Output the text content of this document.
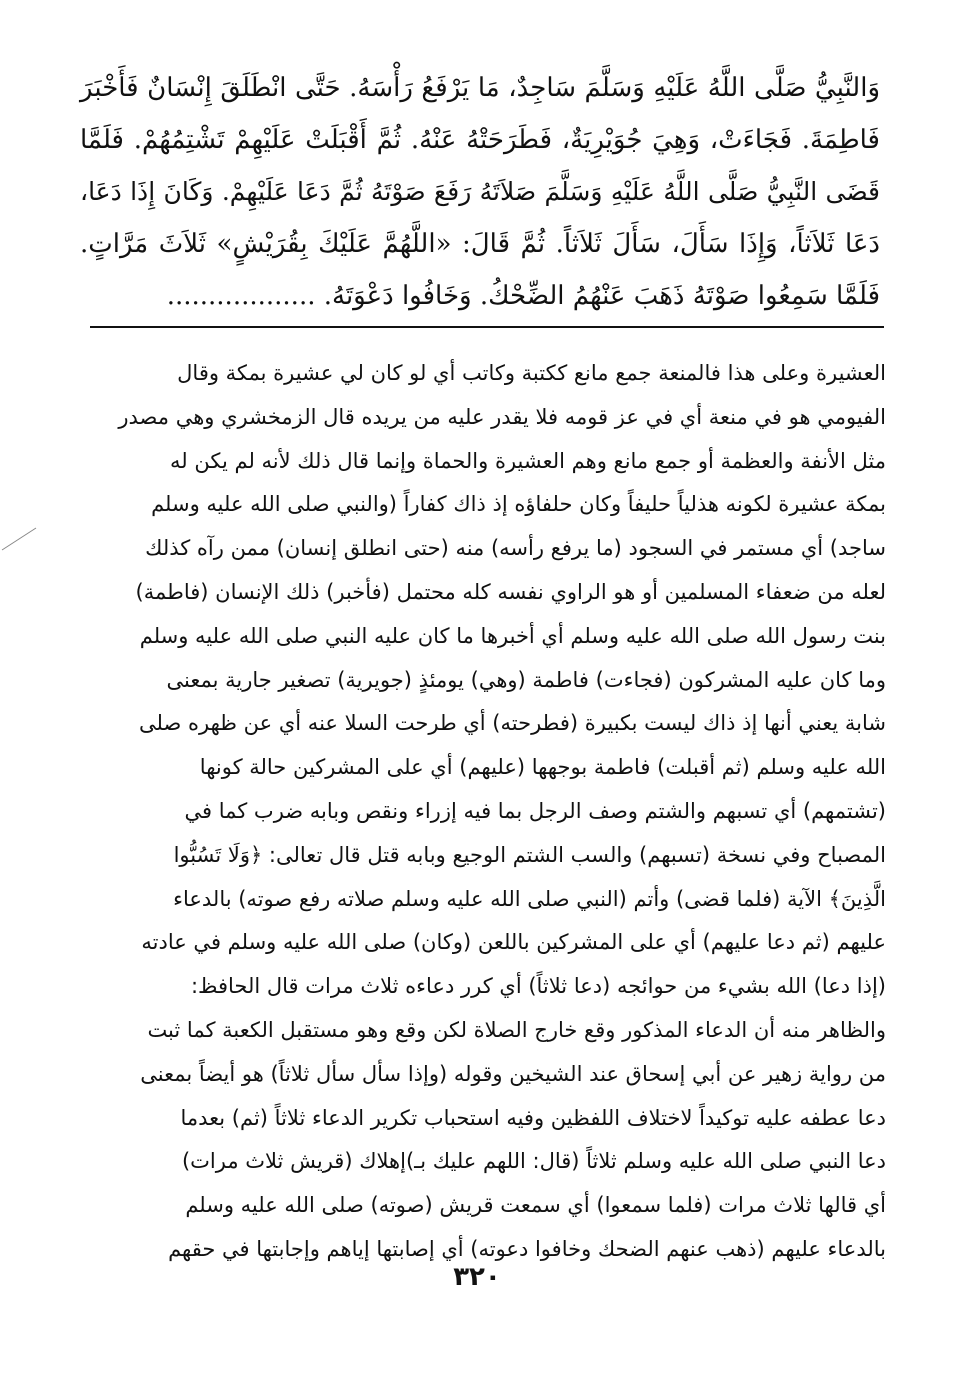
وَالنَّبِيُّ صَلَّى اللَّهُ عَلَيْهِ وَسَلَّمَ سَاجِدٌ، مَا يَرْفَعُ رَأْسَهُ. حَتَّى انْطَلَقَ إِنْسَانٌ فَأَخْبَرَ
فَاطِمَةَ. فَجَاءَتْ، وَهِيَ جُوَيْرِيَةٌ، فَطَرَحَتْهُ عَنْهُ. ثُمَّ أَقْبَلَتْ عَلَيْهِمْ تَشْتِمُهُمْ. فَلَمَّا
قَضَى النَّبِيُّ صَلَّى اللَّهُ عَلَيْهِ وَسَلَّمَ صَلاَتَهُ رَفَعَ صَوْتَهُ ثُمَّ دَعَا عَلَيْهِمْ. وَكَانَ إِذَا دَعَا،
دَعَا ثَلاَثاً، وَإِذَا سَأَلَ، سَأَلَ ثَلاَثاً. ثُمَّ قَالَ: «اللَّهُمَّ عَلَيْكَ بِقُرَيْشٍ» ثَلاَثَ مَرَّاتٍ.
فَلَمَّا سَمِعُوا صَوْتَهُ ذَهَبَ عَنْهُمُ الضِّحْكُ. وَخَافُوا دَعْوَتَهُ. ..................
العشيرة وعلى هذا فالمنعة جمع مانع ككتبة وكاتب أي لو كان لي عشيرة بمكة وقال
الفيومي هو في منعة أي في عز قومه فلا يقدر عليه من يريده قال الزمخشري وهي مصدر
مثل الأنفة والعظمة أو جمع مانع وهم العشيرة والحماة وإنما قال ذلك لأنه لم يكن له
بمكة عشيرة لكونه هذلياً حليفاً وكان حلفاؤه إذ ذاك كفاراً (والنبي صلى الله عليه وسلم
ساجد) أي مستمر في السجود (ما يرفع رأسه) منه (حتى انطلق إنسان) ممن رآه كذلك
لعله من ضعفاء المسلمين أو هو الراوي نفسه كله محتمل (فأخبر) ذلك الإنسان (فاطمة)
بنت رسول الله صلى الله عليه وسلم أي أخبرها ما كان عليه النبي صلى الله عليه وسلم
وما كان عليه المشركون (فجاءت) فاطمة (وهي) يومئذٍ (جويرية) تصغير جارية بمعنى
شابة يعني أنها إذ ذاك ليست بكبيرة (فطرحته) أي طرحت السلا عنه أي عن ظهره صلى
الله عليه وسلم (ثم أقبلت) فاطمة بوجهها (عليهم) أي على المشركين حالة كونها
(تشتمهم) أي تسبهم والشتم وصف الرجل بما فيه إزراء ونقص وبابه ضرب كما في
المصباح وفي نسخة (تسبهم) والسب الشتم الوجيع وبابه قتل قال تعالى: ﴿وَلَا تَسُبُّوا
الَّذِينَ﴾ الآية (فلما قضى) وأتم (النبي صلى الله عليه وسلم صلاته رفع صوته) بالدعاء
عليهم (ثم دعا عليهم) أي على المشركين باللعن (وكان) صلى الله عليه وسلم في عادته
(إذا دعا) الله بشيء من حوائجه (دعا ثلاثاً) أي كرر دعاءه ثلاث مرات قال الحافظ:
والظاهر منه أن الدعاء المذكور وقع خارج الصلاة لكن وقع وهو مستقبل الكعبة كما ثبت
من رواية زهير عن أبي إسحاق عند الشيخين وقوله (وإذا سأل سأل ثلاثاً) هو أيضاً بمعنى
دعا عطفه عليه توكيداً لاختلاف اللفظين وفيه استحباب تكرير الدعاء ثلاثاً (ثم) بعدما
دعا النبي صلى الله عليه وسلم ثلاثاً (قال: اللهم عليك بـ)إهلاك (قريش ثلاث مرات)
أي قالها ثلاث مرات (فلما سمعوا) أي سمعت قريش (صوته) صلى الله عليه وسلم
بالدعاء عليهم (ذهب عنهم الضحك وخافوا دعوته) أي إصابتها إياهم وإجابتها في حقهم
٣٢٠
